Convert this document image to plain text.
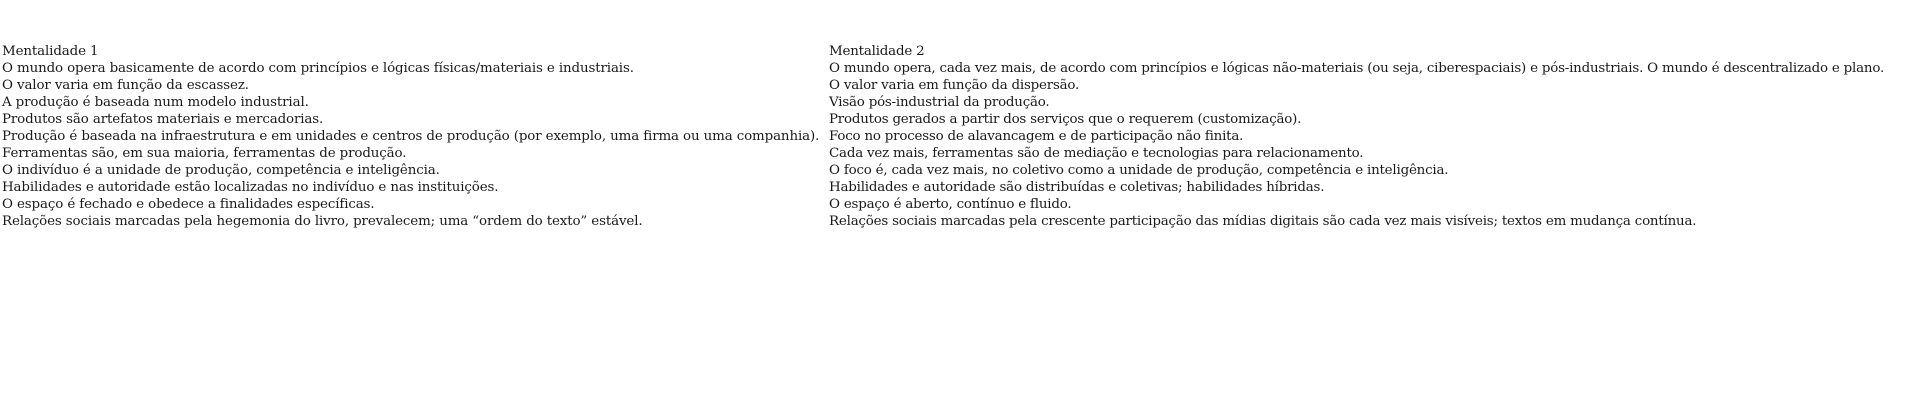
Mentalidade 1
O mundo opera basicamente de acordo com princípios e lógicas físicas/materiais e industriais.
O valor varia em função da escassez.
A produção é baseada num modelo industrial.
Produtos são artefatos materiais e mercadorias.
Produção é baseada na infraestrutura e em unidades e centros de produção (por exemplo, uma firma ou uma companhia).
Ferramentas são, em sua maioria, ferramentas de produção.
O indivíduo é a unidade de produção, competência e inteligência.
Habilidades e autoridade estão localizadas no indivíduo e nas instituições.
O espaço é fechado e obedece a finalidades específicas.
Relações sociais marcadas pela hegemonia do livro, prevalecem; uma “ordem do texto” estável.
Mentalidade 2
O mundo opera, cada vez mais, de acordo com princípios e lógicas não-materiais (ou seja, ciberespaciais) e pós-industriais. O mundo é descentralizado e plano.
O valor varia em função da dispersão.
Visão pós-industrial da produção.
Produtos gerados a partir dos serviços que o requerem (customização).
Foco no processo de alavancagem e de participação não finita.
Cada vez mais, ferramentas são de mediação e tecnologias para relacionamento.
O foco é, cada vez mais, no coletivo como a unidade de produção, competência e inteligência.
Habilidades e autoridade são distribuídas e coletivas; habilidades híbridas.
O espaço é aberto, contínuo e fluido.
Relações sociais marcadas pela crescente participação das mídias digitais são cada vez mais visíveis; textos em mudança contínua.
